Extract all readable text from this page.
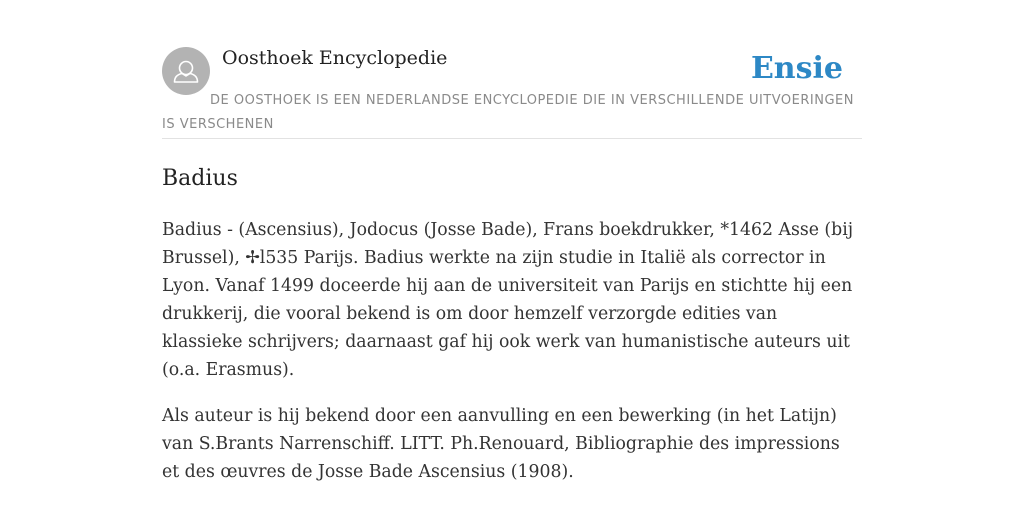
Oosthoek Encyclopedie	Ensie
DE OOSTHOEK IS EEN NEDERLANDSE ENCYCLOPEDIE DIE IN VERSCHILLENDE UITVOERINGEN IS VERSCHENEN
Badius

Badius - (Ascensius), Jodocus (Josse Bade), Frans boekdrukker, *1462 Asse (bij Brussel), ✢l535 Parijs. Badius werkte na zijn studie in Italië als corrector in Lyon. Vanaf 1499 doceerde hij aan de universiteit van Parijs en stichtte hij een drukkerij, die vooral bekend is om door hemzelf verzorgde edities van klassieke schrijvers; daarnaast gaf hij ook werk van humanistische auteurs uit (o.a. Erasmus).

Als auteur is hij bekend door een aanvulling en een bewerking (in het Latijn) van S.Brants Narrenschiff. LITT. Ph.Renouard, Bibliographie des impressions et des œuvres de Josse Bade Ascensius (1908).
